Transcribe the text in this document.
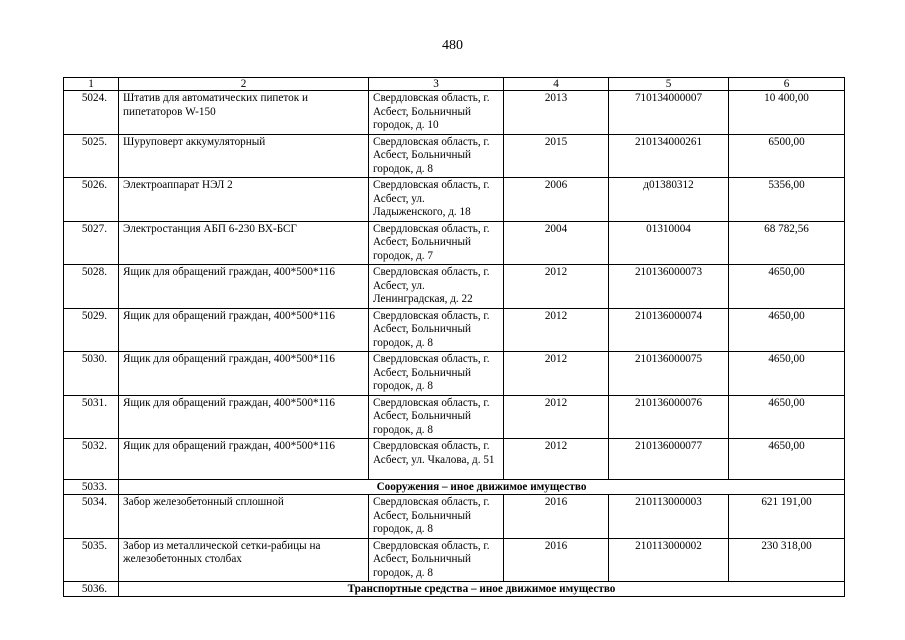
480
1	2	3	4	5	6
5024.	Штатив для автоматических пипеток и пипетаторов W-150	Свердловская область, г. Асбест, Больничный городок, д. 10	2013	710134000007	10 400,00
5025.	Шуруповерт аккумуляторный	Свердловская область, г. Асбест, Больничный городок, д. 8	2015	210134000261	6500,00
5026.	Электроаппарат НЭЛ 2	Свердловская область, г. Асбест, ул. Ладыженского, д. 18	2006	д01380312	5356,00
5027.	Электростанция АБП 6-230 ВХ-БСГ	Свердловская область, г. Асбест, Больничный городок, д. 7	2004	01310004	68 782,56
5028.	Ящик для обращений граждан, 400*500*116	Свердловская область, г. Асбест, ул. Ленинградская, д. 22	2012	210136000073	4650,00
5029.	Ящик для обращений граждан, 400*500*116	Свердловская область, г. Асбест, Больничный городок, д. 8	2012	210136000074	4650,00
5030.	Ящик для обращений граждан, 400*500*116	Свердловская область, г. Асбест, Больничный городок, д. 8	2012	210136000075	4650,00
5031.	Ящик для обращений граждан, 400*500*116	Свердловская область, г. Асбест, Больничный городок, д. 8	2012	210136000076	4650,00
5032.	Ящик для обращений граждан, 400*500*116	Свердловская область, г. Асбест, ул. Чкалова, д. 51	2012	210136000077	4650,00
5033.	Сооружения – иное движимое имущество				
5034.	Забор железобетонный сплошной	Свердловская область, г. Асбест, Больничный городок, д. 8	2016	210113000003	621 191,00
5035.	Забор из металлической сетки-рабицы на железобетонных столбах	Свердловская область, г. Асбест, Больничный городок, д. 8	2016	210113000002	230 318,00
5036.	Транспортные средства – иное движимое имущество				
